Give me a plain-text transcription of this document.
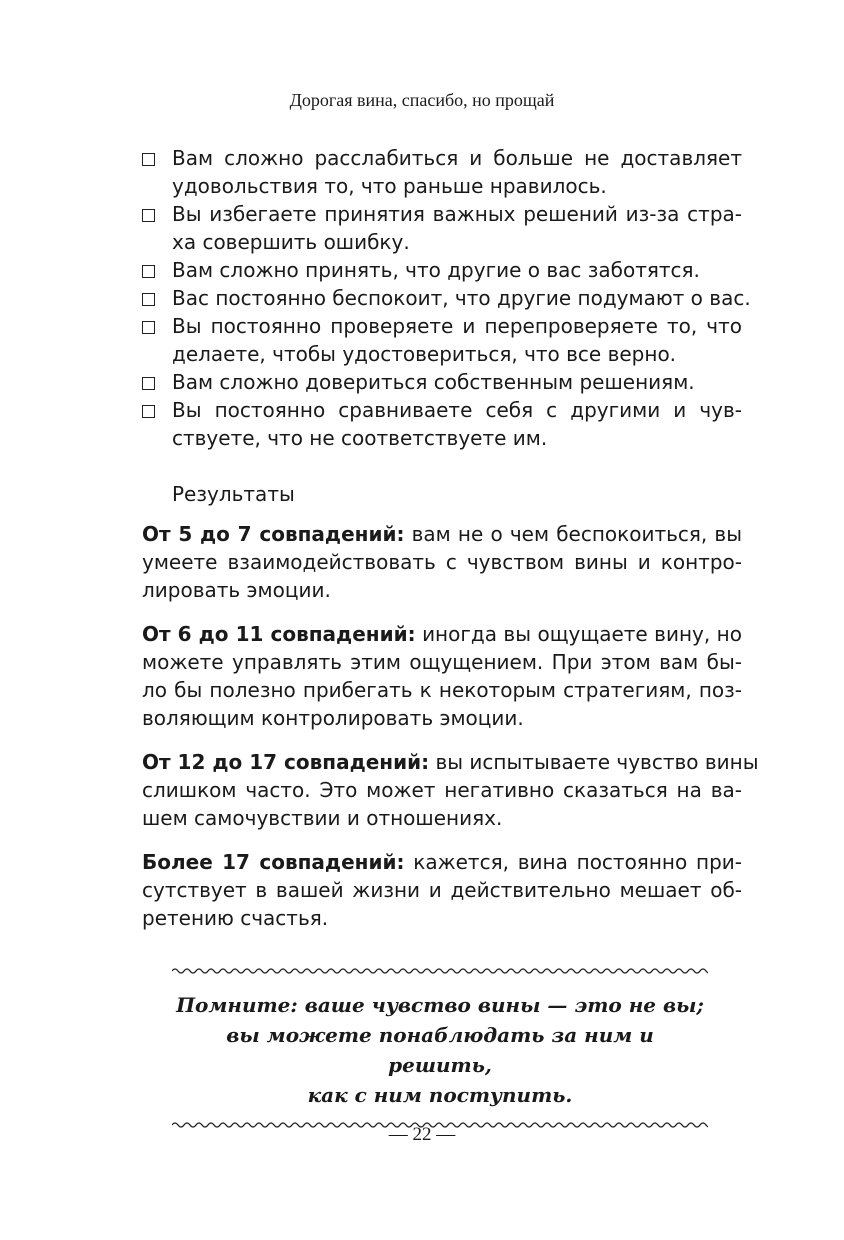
Дорогая вина, спасибо, но прощай
Вам сложно расслабиться и больше не доставляет
удовольствия то, что раньше нравилось.
Вы избегаете принятия важных решений из-за стра-
ха совершить ошибку.
Вам сложно принять, что другие о вас заботятся.
Вас постоянно беспокоит, что другие подумают о вас.
Вы постоянно проверяете и перепроверяете то, что
делаете, чтобы удостовериться, что все верно.
Вам сложно довериться собственным решениям.
Вы постоянно сравниваете себя с другими и чув-
ствуете, что не соответствуете им.
Результаты
От 5 до 7 совпадений: вам не о чем беспокоиться, вы
умеете взаимодействовать с чувством вины и контро-
лировать эмоции.
От 6 до 11 совпадений: иногда вы ощущаете вину, но
можете управлять этим ощущением. При этом вам бы-
ло бы полезно прибегать к некоторым стратегиям, поз-
воляющим контролировать эмоции.
От 12 до 17 совпадений: вы испытываете чувство вины
слишком часто. Это может негативно сказаться на ва-
шем самочувствии и отношениях.
Более 17 совпадений: кажется, вина постоянно при-
сутствует в вашей жизни и действительно мешает об-
ретению счастья.
Помните: ваше чувство вины — это не вы;
вы можете понаблюдать за ним и решить,
как с ним поступить.
— 22 —
